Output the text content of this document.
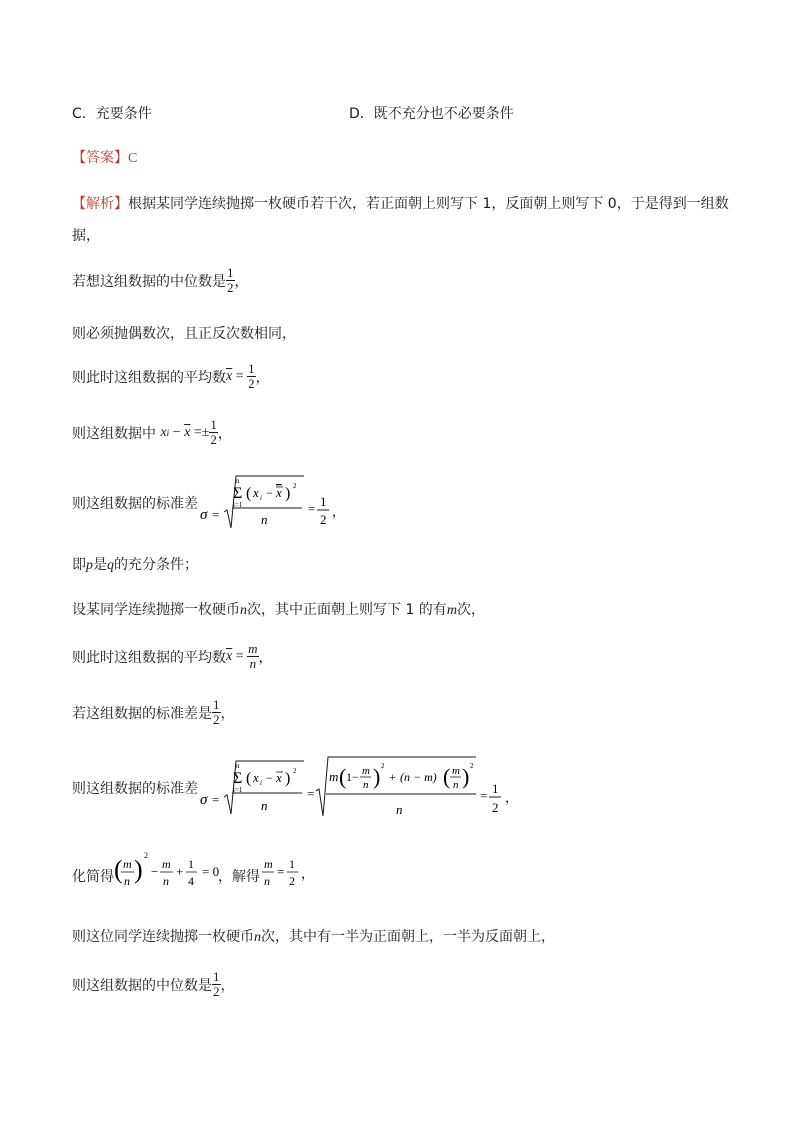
C．充要条件	D．既不充分也不必要条件
【答案】C
【解析】根据某同学连续抛掷一枚硬币若干次，若正面朝上则写下 1，反面朝上则写下 0，于是得到一组数
据，
若想这组数据的中位数是 $\frac{1}{2}$ ，
则必须抛偶数次，且正反次数相同，
则此时这组数据的平均数 $\overline{x}$
=
$\frac{1}{2}$ ，
则这组数据中
x i
−
$\overline{x}$
=± $\frac{1}{2}$ ，
则这组数据的标准差
σ =
n
Σ
i=1
( x i − x ) 2
n
= 1
2
，
即p是q的充分条件；
设某同学连续抛掷一枚硬币n次，其中正面朝上则写下 1 的有m次，
则此时这组数据的平均数 $\overline{x}$
=
$\frac{m}{n}$ ，
若这组数据的标准差是 $\frac{1}{2}$ ，
则这组数据的标准差
σ =
n
Σ
i=1
( x i − x ) 2
n
=
m ( 1− m
n ) 2
+ (n − m) ( m
n ) 2
n
= 1
2
，
化简得 ( m
n ) 2
− m
n
+ 1
4
= 0
，解得
m
n
= 1
2 ，
则这位同学连续抛掷一枚硬币n次，其中有一半为正面朝上，一半为反面朝上，
则这组数据的中位数是 $\frac{1}{2}$ ，
